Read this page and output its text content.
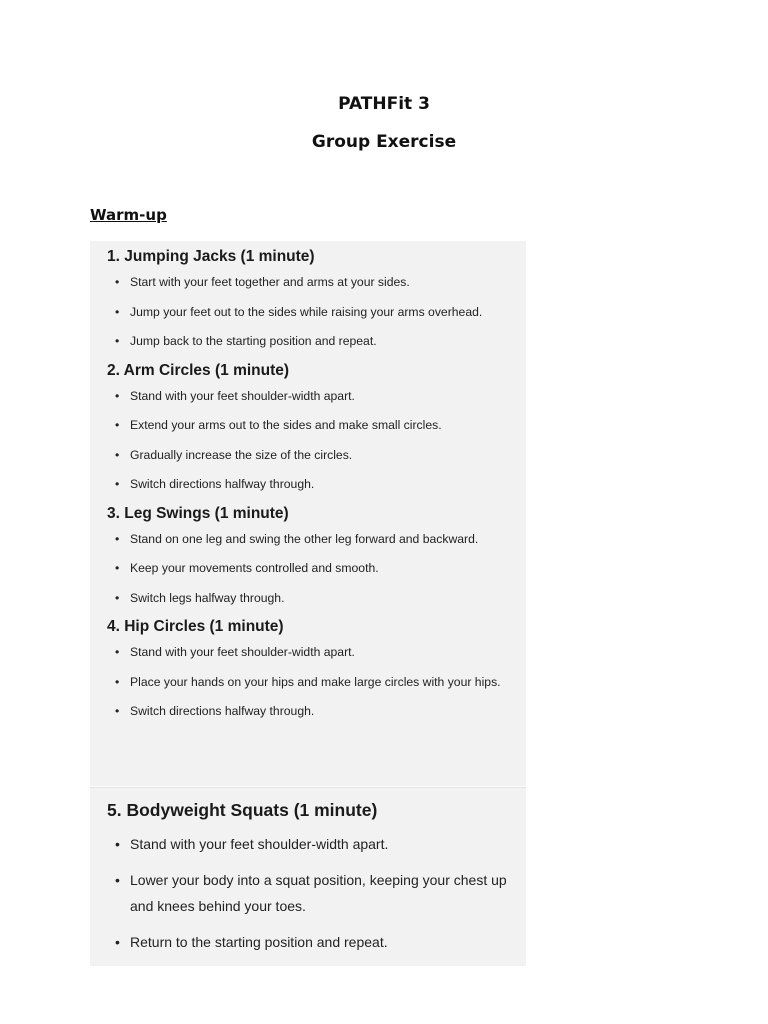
PATHFit 3
Group Exercise
Warm-up
1. Jumping Jacks (1 minute)
• Start with your feet together and arms at your sides.
• Jump your feet out to the sides while raising your arms overhead.
• Jump back to the starting position and repeat.
2. Arm Circles (1 minute)
• Stand with your feet shoulder-width apart.
• Extend your arms out to the sides and make small circles.
• Gradually increase the size of the circles.
• Switch directions halfway through.
3. Leg Swings (1 minute)
• Stand on one leg and swing the other leg forward and backward.
• Keep your movements controlled and smooth.
• Switch legs halfway through.
4. Hip Circles (1 minute)
• Stand with your feet shoulder-width apart.
• Place your hands on your hips and make large circles with your hips.
• Switch directions halfway through.
5. Bodyweight Squats (1 minute)
• Stand with your feet shoulder-width apart.
• Lower your body into a squat position, keeping your chest up and knees behind your toes.
• Return to the starting position and repeat.
